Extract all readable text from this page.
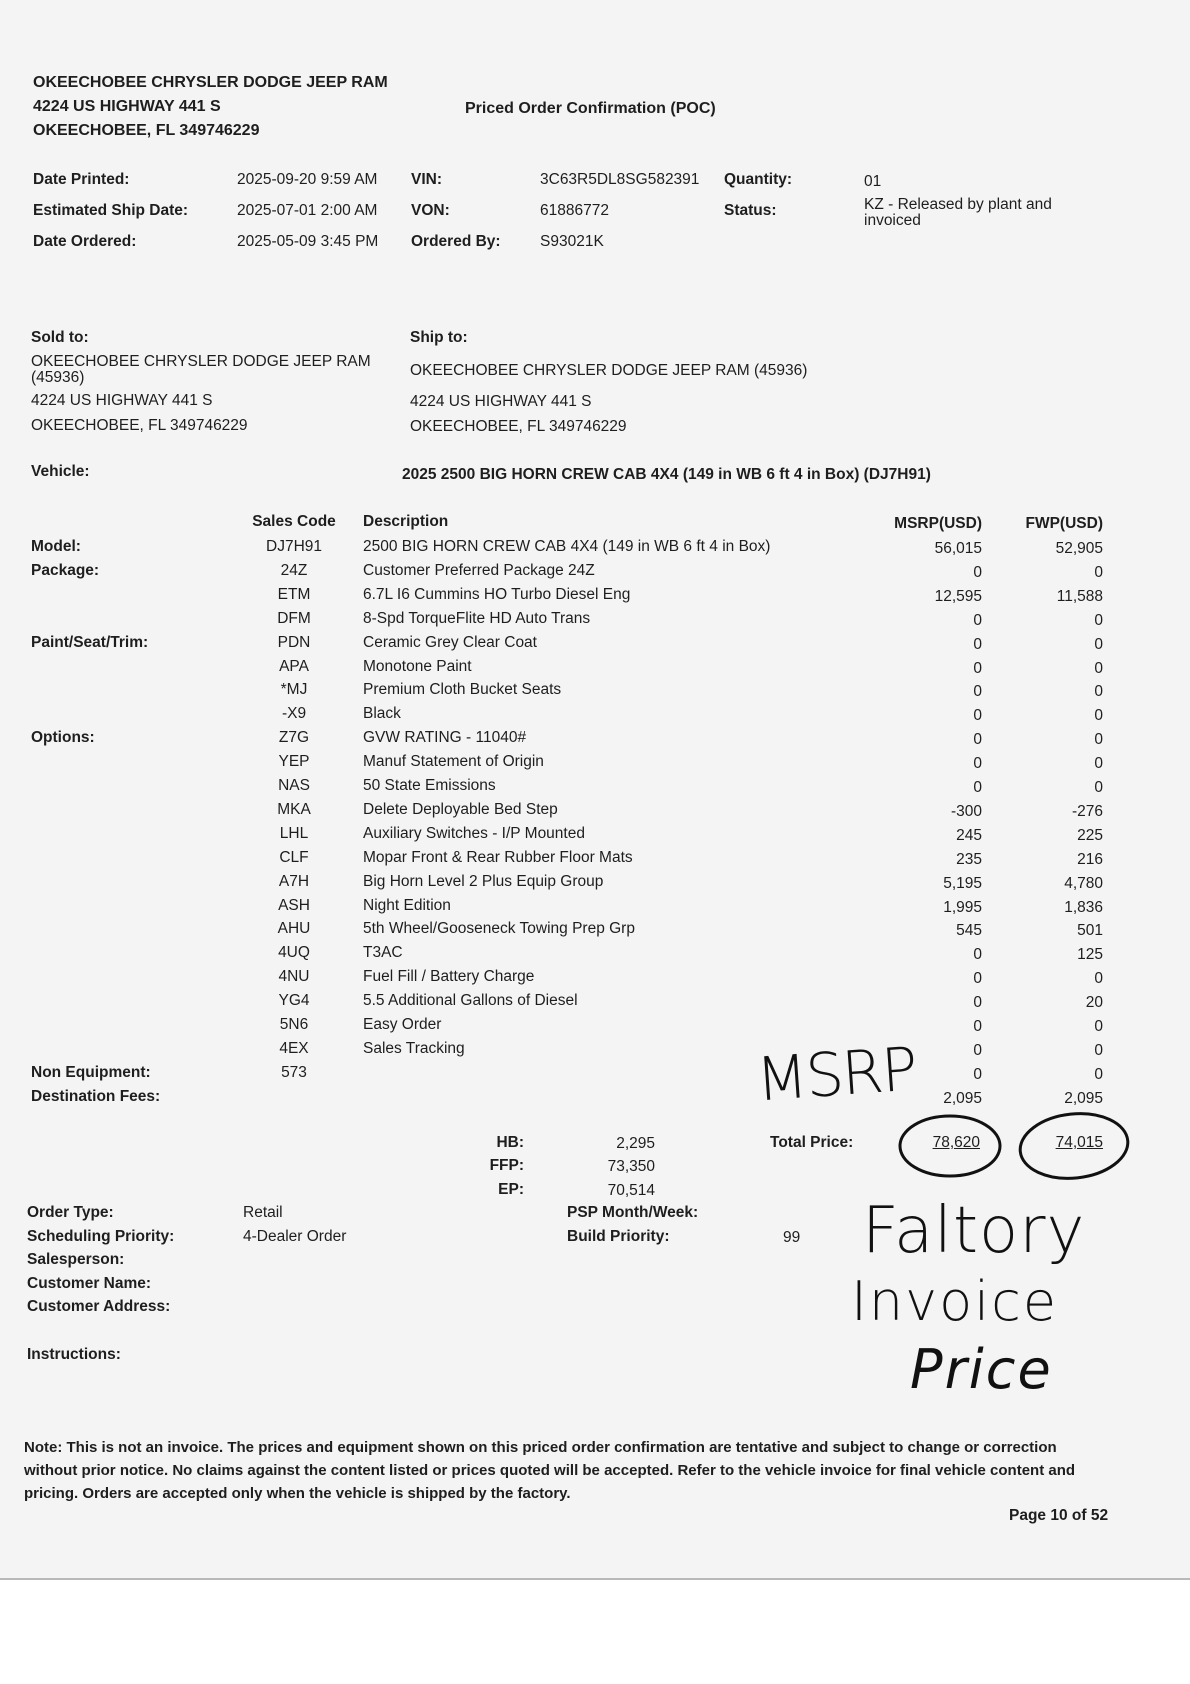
OKEECHOBEE CHRYSLER DODGE JEEP RAM
4224 US HIGHWAY 441 S
OKEECHOBEE, FL 349746229
Priced Order Confirmation (POC)
Date Printed:	2025-09-20 9:59 AM
Estimated Ship Date:	2025-07-01 2:00 AM
Date Ordered:	2025-05-09 3:45 PM
VIN:	3C63R5DL8SG582391
VON:	61886772
Ordered By:	S93021K
Quantity:	01
Status:	KZ - Released by plant and
invoiced
Sold to:
OKEECHOBEE CHRYSLER DODGE JEEP RAM
(45936)
4224 US HIGHWAY 441 S
OKEECHOBEE, FL 349746229
Ship to:
OKEECHOBEE CHRYSLER DODGE JEEP RAM (45936)
4224 US HIGHWAY 441 S
OKEECHOBEE, FL 349746229
Vehicle:	2025 2500 BIG HORN CREW CAB 4X4 (149 in WB 6 ft 4 in Box) (DJ7H91)
Sales Code	Description	MSRP(USD)	FWP(USD)
Model:	DJ7H91	2500 BIG HORN CREW CAB 4X4 (149 in WB 6 ft 4 in Box)	56,015	52,905
Package:	24Z	Customer Preferred Package 24Z	0	0
ETM	6.7L I6 Cummins HO Turbo Diesel Eng	12,595	11,588
DFM	8-Spd TorqueFlite HD Auto Trans	0	0
Paint/Seat/Trim:	PDN	Ceramic Grey Clear Coat	0	0
APA	Monotone Paint	0	0
*MJ	Premium Cloth Bucket Seats	0	0
-X9	Black	0	0
Options:	Z7G	GVW RATING - 11040#	0	0
YEP	Manuf Statement of Origin	0	0
NAS	50 State Emissions	0	0
MKA	Delete Deployable Bed Step	-300	-276
LHL	Auxiliary Switches - I/P Mounted	245	225
CLF	Mopar Front & Rear Rubber Floor Mats	235	216
A7H	Big Horn Level 2 Plus Equip Group	5,195	4,780
ASH	Night Edition	1,995	1,836
AHU	5th Wheel/Gooseneck Towing Prep Grp	545	501
4UQ	T3AC	0	125
4NU	Fuel Fill / Battery Charge	0	0
YG4	5.5 Additional Gallons of Diesel	0	20
5N6	Easy Order	0	0
4EX	Sales Tracking	0	0
Non Equipment:	573	0	0
Destination Fees:	2,095	2,095
HB:	2,295
FFP:	73,350
EP:	70,514
Total Price:	78,620	74,015
Order Type:	Retail
Scheduling Priority:	4-Dealer Order
Salesperson:
Customer Name:
Customer Address:
Instructions:
PSP Month/Week:
Build Priority:	99
MSRP
Faltory
Invoice
Price
Note: This is not an invoice. The prices and equipment shown on this priced order confirmation are tentative and subject to change or correction without prior notice. No claims against the content listed or prices quoted will be accepted. Refer to the vehicle invoice for final vehicle content and pricing. Orders are accepted only when the vehicle is shipped by the factory.
Page 10 of 52
